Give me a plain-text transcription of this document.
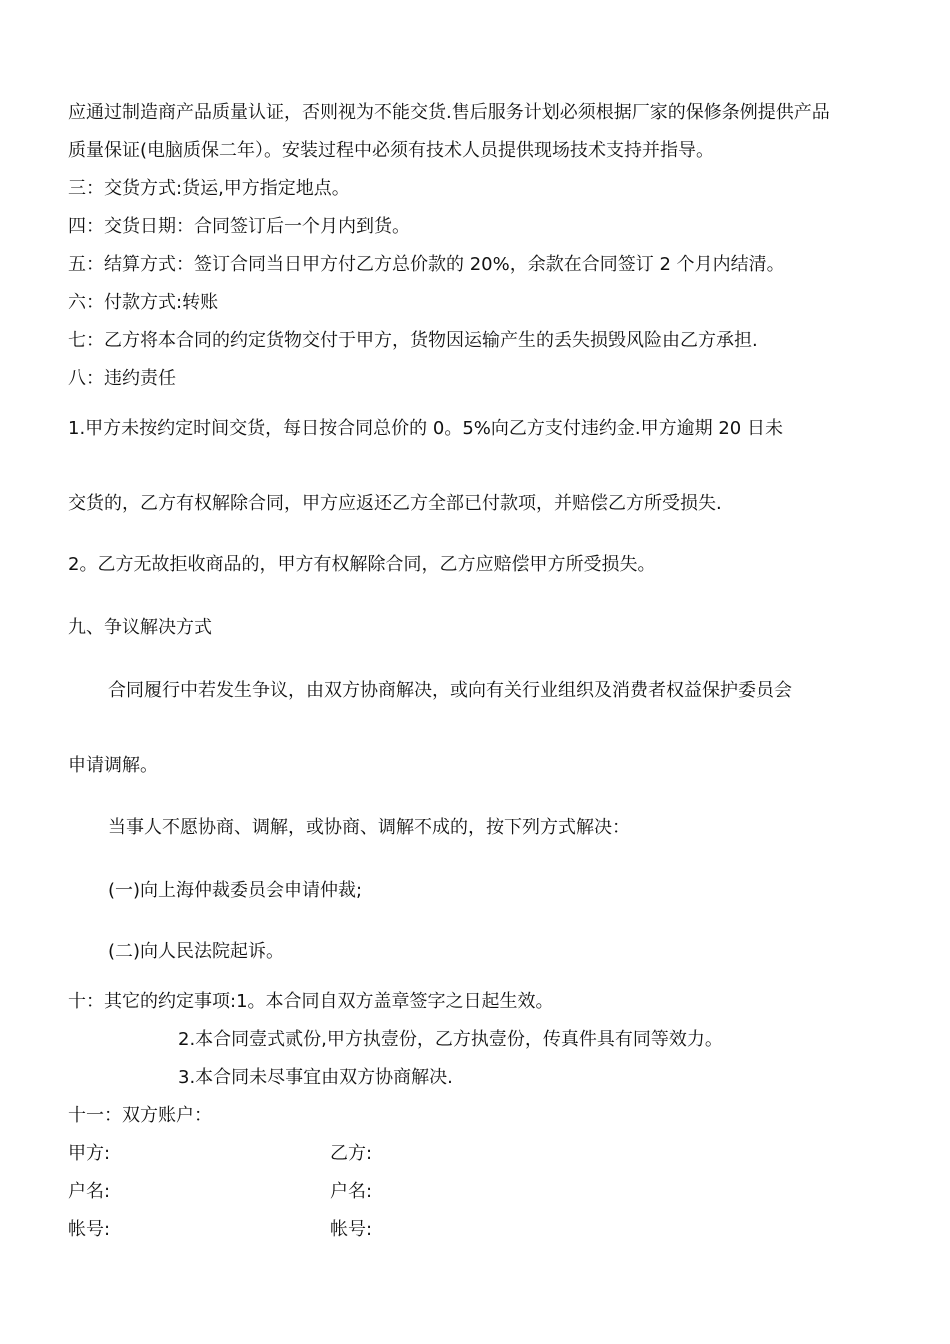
应通过制造商产品质量认证，否则视为不能交货.售后服务计划必须根据厂家的保修条例提供产品
质量保证(电脑质保二年）。安装过程中必须有技术人员提供现场技术支持并指导。
三：交货方式:货运,甲方指定地点。
四：交货日期：合同签订后一个月内到货。
五：结算方式：签订合同当日甲方付乙方总价款的 20%，余款在合同签订 2 个月内结清。
六：付款方式:转账
七：乙方将本合同的约定货物交付于甲方，货物因运输产生的丢失损毁风险由乙方承担.
八：违约责任
1.甲方未按约定时间交货，每日按合同总价的 0。5%向乙方支付违约金.甲方逾期 20 日未
交货的，乙方有权解除合同，甲方应返还乙方全部已付款项，并赔偿乙方所受损失.
2。乙方无故拒收商品的，甲方有权解除合同，乙方应赔偿甲方所受损失。
九、争议解决方式
合同履行中若发生争议，由双方协商解决，或向有关行业组织及消费者权益保护委员会
申请调解。
当事人不愿协商、调解，或协商、调解不成的，按下列方式解决：
(一)向上海仲裁委员会申请仲裁;
(二)向人民法院起诉。
十：其它的约定事项:1。本合同自双方盖章签字之日起生效。
2.本合同壹式贰份,甲方执壹份，乙方执壹份，传真件具有同等效力。
3.本合同未尽事宜由双方协商解决.
十一：双方账户：
甲方:	乙方:
户名:	户名:
帐号:	帐号:
